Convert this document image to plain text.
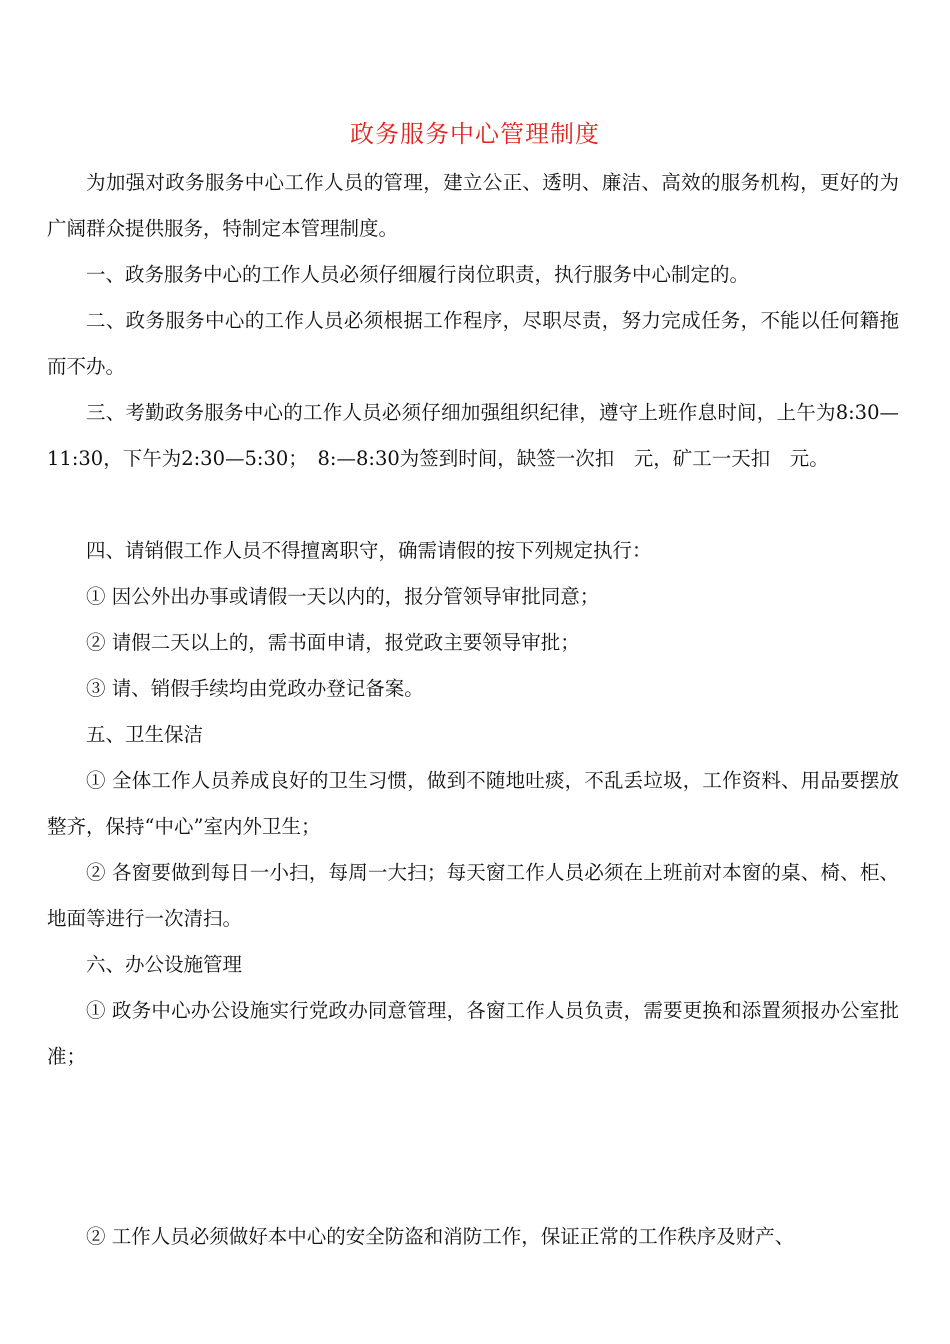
政务服务中心管理制度

为加强对政务服务中心工作人员的管理，建立公正、透明、廉洁、高效的服务机构，更好的为广阔群众提供服务，特制定本管理制度。

一、政务服务中心的工作人员必须仔细履行岗位职责，执行服务中心制定的。

二、政务服务中心的工作人员必须根据工作程序，尽职尽责，努力完成任务，不能以任何籍拖而不办。

三、考勤政务服务中心的工作人员必须仔细加强组织纪律，遵守上班作息时间，上午为8:30—11:30，下午为2:30—5:30；　8:—8:30为签到时间，缺签一次扣　元，矿工一天扣　元。

四、请销假工作人员不得擅离职守，确需请假的按下列规定执行：

① 因公外出办事或请假一天以内的，报分管领导审批同意；

② 请假二天以上的，需书面申请，报党政主要领导审批；

③ 请、销假手续均由党政办登记备案。

五、卫生保洁

① 全体工作人员养成良好的卫生习惯，做到不随地吐痰，不乱丢垃圾，工作资料、用品要摆放整齐，保持“中心”室内外卫生；

② 各窗要做到每日一小扫，每周一大扫；每天窗工作人员必须在上班前对本窗的桌、椅、柜、地面等进行一次清扫。

六、办公设施管理

① 政务中心办公设施实行党政办同意管理，各窗工作人员负责，需要更换和添置须报办公室批准；

② 工作人员必须做好本中心的安全防盗和消防工作，保证正常的工作秩序及财产、
